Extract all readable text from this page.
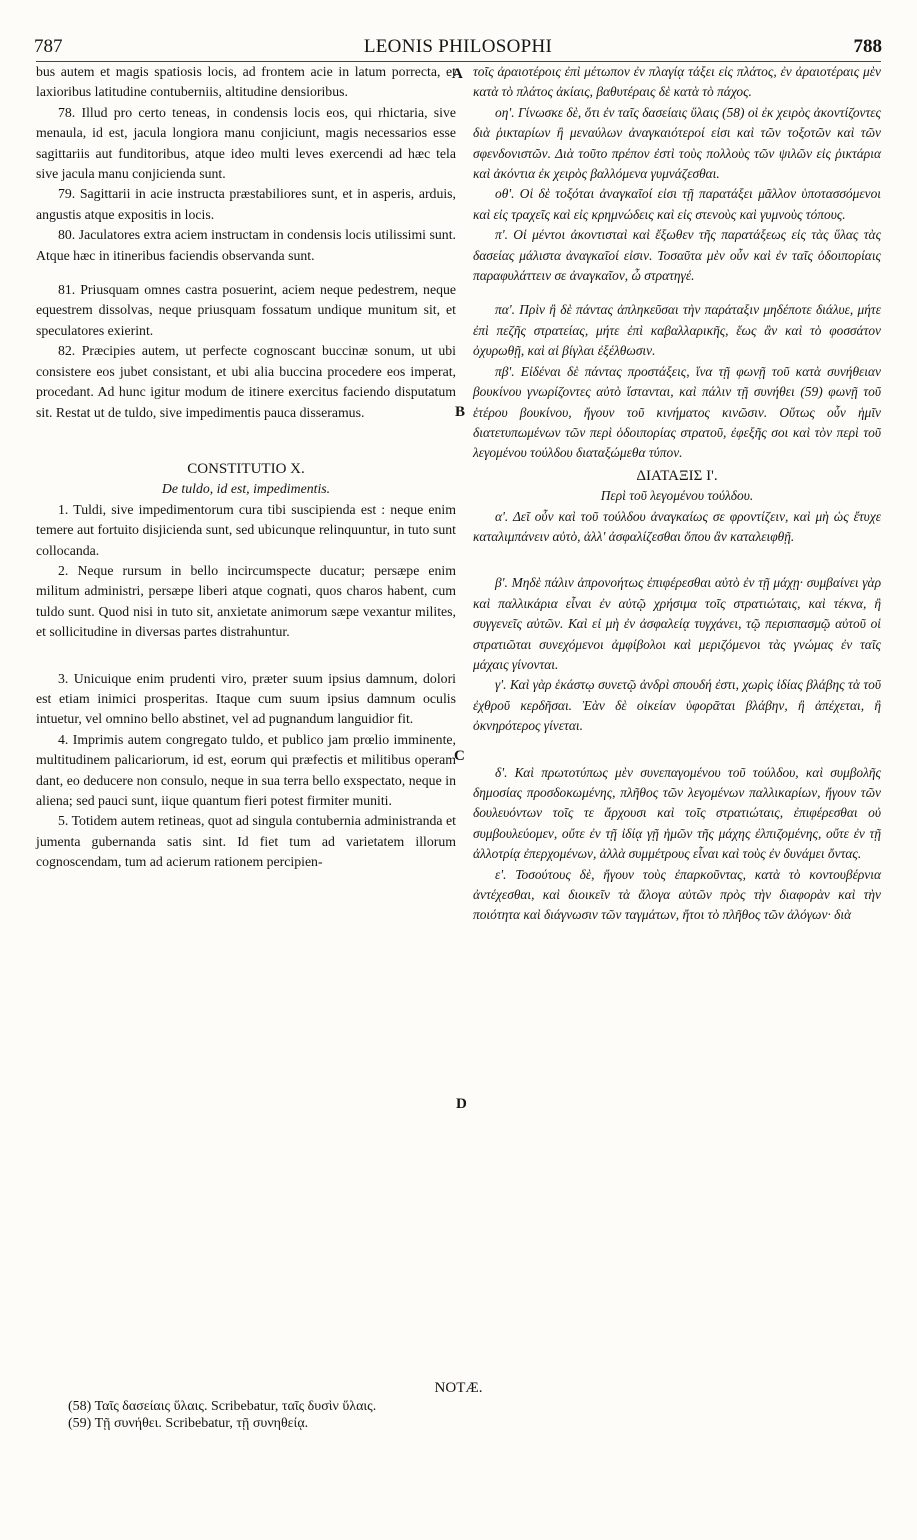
787	LEONIS PHILOSOPHI	788

bus autem et magis spatiosis locis, ad frontem acie in latum porrecta, et laxioribus latitudine contuberniis, altitudine densioribus.

78. Illud pro certo teneas, in condensis locis eos, qui rhictaria, sive menaula, id est, jacula longiora manu conjiciunt, magis necessarios esse sagittariis aut funditoribus, atque ideo multi leves exercendi ad hæc tela sive jacula manu conjicienda sunt.

79. Sagittarii in acie instructa præstabiliores sunt, et in asperis, arduis, angustis atque expositis in locis.

80. Jaculatores extra aciem instructam in condensis locis utilissimi sunt. Atque hæc in itineribus faciendis observanda sunt.

81. Priusquam omnes castra posuerint, aciem neque pedestrem, neque equestrem dissolvas, neque priusquam fossatum undique munitum sit, et speculatores exierint.

82. Præcipies autem, ut perfecte cognoscant buccinæ sonum, ut ubi consistere eos jubet consistant, et ubi alia buccina procedere eos imperat, procedant. Ad hunc igitur modum de itinere exercitus faciendo disputatum sit. Restat ut de tuldo, sive impedimentis pauca disseramus.

CONSTITUTIO X.

De tuldo, id est, impedimentis.

1. Tuldi, sive impedimentorum cura tibi suscipienda est : neque enim temere aut fortuito disjicienda sunt, sed ubicunque relinquuntur, in tuto sunt collocanda.

2. Neque rursum in bello incircumspecte ducatur; persæpe enim militum administri, persæpe liberi atque cognati, quos charos habent, cum tuldo sunt. Quod nisi in tuto sit, anxietate animorum sæpe vexantur milites, et sollicitudine in diversas partes distrahuntur.

3. Unicuique enim prudenti viro, præter suum ipsius damnum, dolori est etiam inimici prosperitas. Itaque cum suum ipsius damnum oculis intuetur, vel omnino bello abstinet, vel ad pugnandum languidior fit.

4. Imprimis autem congregato tuldo, et publico jam prœlio imminente, multitudinem palicariorum, id est, eorum qui præfectis et militibus operam dant, eo deducere non consulo, neque in sua terra bello exspectato, neque in aliena; sed pauci sunt, iique quantum fieri potest firmiter muniti.

5. Totidem autem retineas, quot ad singula contubernia administranda et jumenta gubernanda satis sint. Id fiet tum ad varietatem illorum cognoscendam, tum ad acierum rationem percipien-

A
B
C
D

τοῖς ἀραιοτέροις ἐπὶ μέτωπον ἐν πλαγίᾳ τάξει εἰς πλάτος, ἐν ἀραιοτέραις μὲν κατὰ τὸ πλάτος ἀκίαις, βαθυτέραις δὲ κατὰ τὸ πάχος.

οη'. Γίνωσκε δὲ, ὅτι ἐν ταῖς δασείαις ὕλαις (58) οἱ ἐκ χειρὸς ἀκοντίζοντες διὰ ῥικταρίων ἢ μεναύλων ἀναγκαιότεροί εἰσι καὶ τῶν τοξοτῶν καὶ τῶν σφενδονιστῶν. Διὰ τοῦτο πρέπον ἐστὶ τοὺς πολλοὺς τῶν ψιλῶν εἰς ῥικτάρια καὶ ἀκόντια ἐκ χειρὸς βαλλόμενα γυμνάζεσθαι.

οθ'. Οἱ δὲ τοξόται ἀναγκαῖοί εἰσι τῇ παρατάξει μᾶλλον ὑποτασσόμενοι καὶ εἰς τραχεῖς καὶ εἰς κρημνώδεις καὶ εἰς στενοὺς καὶ γυμνοὺς τόπους.

π'. Οἱ μέντοι ἀκοντισταὶ καὶ ἔξωθεν τῆς παρατάξεως εἰς τὰς ὕλας τὰς δασείας μάλιστα ἀναγκαῖοί εἰσιν. Τοσαῦτα μὲν οὖν καὶ ἐν ταῖς ὁδοιπορίαις παραφυλάττειν σε ἀναγκαῖον, ὦ στρατηγέ.

πα'. Πρὶν ἢ δὲ πάντας ἀπληκεῦσαι τὴν παράταξιν μηδέποτε διάλυε, μήτε ἐπὶ πεζῆς στρατείας, μήτε ἐπὶ καβαλλαρικῆς, ἕως ἂν καὶ τὸ φοσσάτον ὀχυρωθῇ, καὶ αἱ βίγλαι ἐξέλθωσιν.

πβ'. Εἰδέναι δὲ πάντας προστάξεις, ἵνα τῇ φωνῇ τοῦ κατὰ συνήθειαν βουκίνου γνωρίζοντες αὐτὸ ἵστανται, καὶ πάλιν τῇ συνήθει (59) φωνῇ τοῦ ἑτέρου βουκίνου, ἤγουν τοῦ κινήματος κινῶσιν. Οὕτως οὖν ἡμῖν διατετυπωμένων τῶν περὶ ὁδοιπορίας στρατοῦ, ἐφεξῆς σοι καὶ τὸν περὶ τοῦ λεγομένου τούλδου διαταξώμεθα τύπον.

ΔΙΑΤΑΞΙΣ Ι'.

Περὶ τοῦ λεγομένου τούλδου.

α'. Δεῖ οὖν καὶ τοῦ τούλδου ἀναγκαίως σε φροντίζειν, καὶ μὴ ὡς ἔτυχε καταλιμπάνειν αὐτὸ, ἀλλ' ἀσφαλίζεσθαι ὅπου ἂν καταλειφθῇ.

β'. Μηδὲ πάλιν ἀπρονοήτως ἐπιφέρεσθαι αὐτὸ ἐν τῇ μάχῃ· συμβαίνει γὰρ καὶ παλλικάρια εἶναι ἐν αὐτῷ χρήσιμα τοῖς στρατιώταις, καὶ τέκνα, ἢ συγγενεῖς αὐτῶν. Καὶ εἰ μὴ ἐν ἀσφαλείᾳ τυγχάνει, τῷ περισπασμῷ αὐτοῦ οἱ στρατιῶται συνεχόμενοι ἀμφίβολοι καὶ μεριζόμενοι τὰς γνώμας ἐν ταῖς μάχαις γίνονται.

γ'. Καὶ γὰρ ἑκάστῳ συνετῷ ἀνδρὶ σπουδή ἐστι, χωρὶς ἰδίας βλάβης τὰ τοῦ ἐχθροῦ κερδῆσαι. Ἐὰν δὲ οἰκείαν ὑφορᾶται βλάβην, ἢ ἀπέχεται, ἢ ὀκνηρότερος γίνεται.

δ'. Καὶ πρωτοτύπως μὲν συνεπαγομένου τοῦ τούλδου, καὶ συμβολῆς δημοσίας προσδοκωμένης, πλῆθος τῶν λεγομένων παλλικαρίων, ἤγουν τῶν δουλευόντων τοῖς τε ἄρχουσι καὶ τοῖς στρατιώταις, ἐπιφέρεσθαι οὐ συμβουλεύομεν, οὔτε ἐν τῇ ἰδίᾳ γῇ ἡμῶν τῆς μάχης ἐλπιζομένης, οὔτε ἐν τῇ ἀλλοτρίᾳ ἐπερχομένων, ἀλλὰ συμμέτρους εἶναι καὶ τοὺς ἐν δυνάμει ὄντας.

ε'. Τοσούτους δὲ, ἤγουν τοὺς ἐπαρκοῦντας, κατὰ τὸ κοντουβέρνια ἀντέχεσθαι, καὶ διοικεῖν τὰ ἄλογα αὐτῶν πρὸς τὴν διαφορὰν καὶ τὴν ποιότητα καὶ διάγνωσιν τῶν ταγμάτων, ἤτοι τὸ πλῆθος τῶν ἀλόγων· διὰ

NOTÆ.
(58) Ταῖς δασείαις ὕλαις. Scribebatur, ταῖς δυσὶν ὕλαις.
(59) Τῇ συνήθει. Scribebatur, τῇ συνηθείᾳ.
